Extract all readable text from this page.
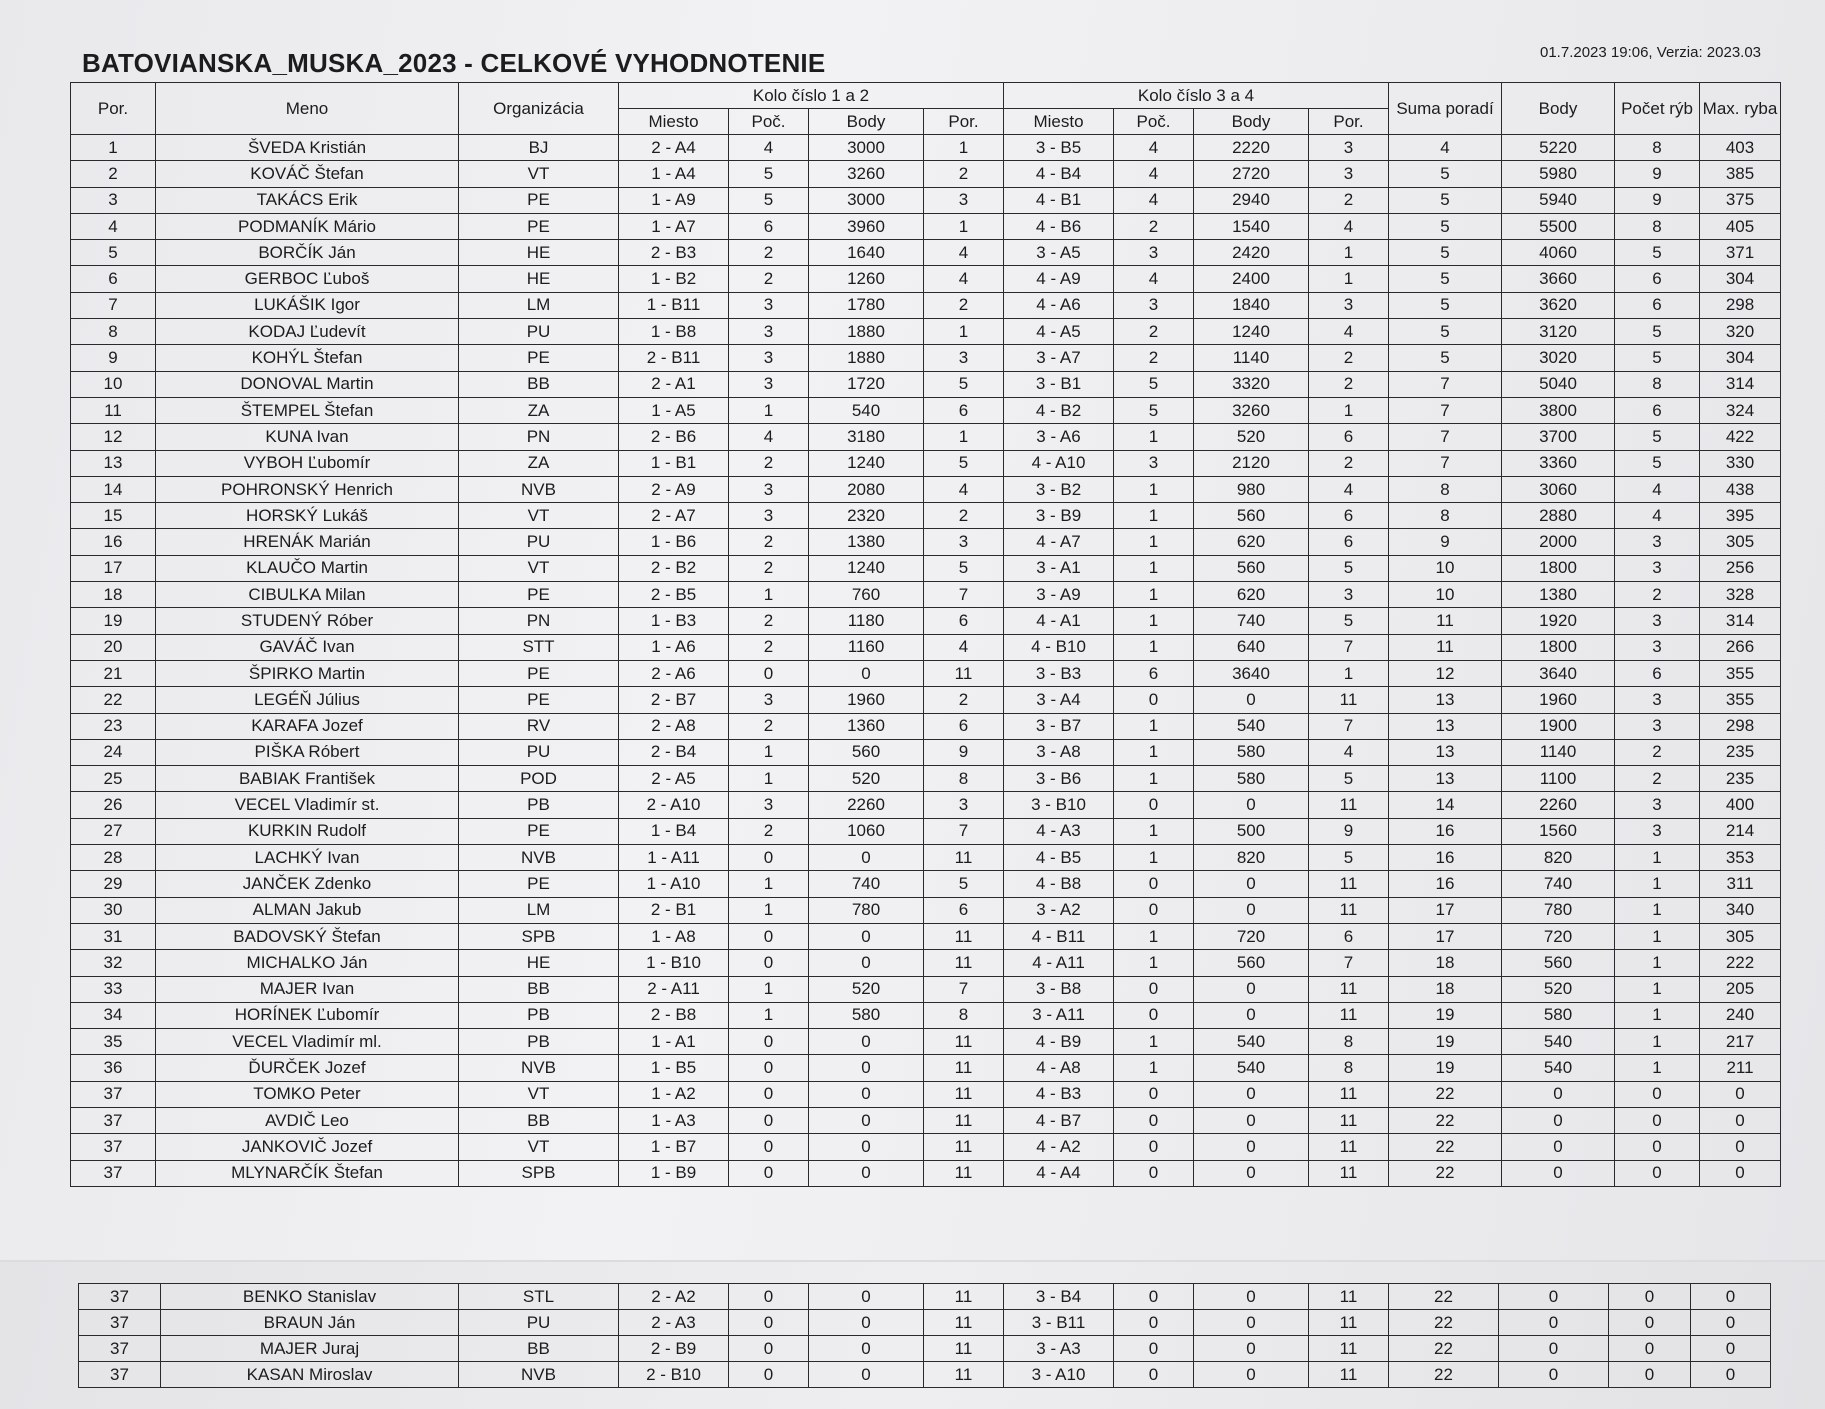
BATOVIANSKA_MUSKA_2023 - CELKOVÉ VYHODNOTENIE	01.7.2023 19:06, Verzia: 2023.03
Por.	Meno	Organizácia	Kolo číslo 1 a 2				Kolo číslo 3 a 4				Suma poradí	Body	Počet rýb	Max. ryba
			Miesto	Poč.	Body	Por.	Miesto	Poč.	Body	Por.				
1	ŠVEDA Kristián	BJ	2 - A4	4	3000	1	3 - B5	4	2220	3	4	5220	8	403
2	KOVÁČ Štefan	VT	1 - A4	5	3260	2	4 - B4	4	2720	3	5	5980	9	385
3	TAKÁCS Erik	PE	1 - A9	5	3000	3	4 - B1	4	2940	2	5	5940	9	375
4	PODMANÍK Mário	PE	1 - A7	6	3960	1	4 - B6	2	1540	4	5	5500	8	405
5	BORČÍK Ján	HE	2 - B3	2	1640	4	3 - A5	3	2420	1	5	4060	5	371
6	GERBOC Ľuboš	HE	1 - B2	2	1260	4	4 - A9	4	2400	1	5	3660	6	304
7	LUKÁŠIK Igor	LM	1 - B11	3	1780	2	4 - A6	3	1840	3	5	3620	6	298
8	KODAJ Ľudevít	PU	1 - B8	3	1880	1	4 - A5	2	1240	4	5	3120	5	320
9	KOHÝL Štefan	PE	2 - B11	3	1880	3	3 - A7	2	1140	2	5	3020	5	304
10	DONOVAL Martin	BB	2 - A1	3	1720	5	3 - B1	5	3320	2	7	5040	8	314
11	ŠTEMPEL Štefan	ZA	1 - A5	1	540	6	4 - B2	5	3260	1	7	3800	6	324
12	KUNA Ivan	PN	2 - B6	4	3180	1	3 - A6	1	520	6	7	3700	5	422
13	VYBOH Ľubomír	ZA	1 - B1	2	1240	5	4 - A10	3	2120	2	7	3360	5	330
14	POHRONSKÝ Henrich	NVB	2 - A9	3	2080	4	3 - B2	1	980	4	8	3060	4	438
15	HORSKÝ Lukáš	VT	2 - A7	3	2320	2	3 - B9	1	560	6	8	2880	4	395
16	HRENÁK Marián	PU	1 - B6	2	1380	3	4 - A7	1	620	6	9	2000	3	305
17	KLAUČO Martin	VT	2 - B2	2	1240	5	3 - A1	1	560	5	10	1800	3	256
18	CIBULKA Milan	PE	2 - B5	1	760	7	3 - A9	1	620	3	10	1380	2	328
19	STUDENÝ Róber	PN	1 - B3	2	1180	6	4 - A1	1	740	5	11	1920	3	314
20	GAVÁČ Ivan	STT	1 - A6	2	1160	4	4 - B10	1	640	7	11	1800	3	266
21	ŠPIRKO Martin	PE	2 - A6	0	0	11	3 - B3	6	3640	1	12	3640	6	355
22	LEGÉŇ Július	PE	2 - B7	3	1960	2	3 - A4	0	0	11	13	1960	3	355
23	KARAFA Jozef	RV	2 - A8	2	1360	6	3 - B7	1	540	7	13	1900	3	298
24	PIŠKA Róbert	PU	2 - B4	1	560	9	3 - A8	1	580	4	13	1140	2	235
25	BABIAK František	POD	2 - A5	1	520	8	3 - B6	1	580	5	13	1100	2	235
26	VECEL Vladimír st.	PB	2 - A10	3	2260	3	3 - B10	0	0	11	14	2260	3	400
27	KURKIN Rudolf	PE	1 - B4	2	1060	7	4 - A3	1	500	9	16	1560	3	214
28	LACHKÝ Ivan	NVB	1 - A11	0	0	11	4 - B5	1	820	5	16	820	1	353
29	JANČEK Zdenko	PE	1 - A10	1	740	5	4 - B8	0	0	11	16	740	1	311
30	ALMAN Jakub	LM	2 - B1	1	780	6	3 - A2	0	0	11	17	780	1	340
31	BADOVSKÝ Štefan	SPB	1 - A8	0	0	11	4 - B11	1	720	6	17	720	1	305
32	MICHALKO Ján	HE	1 - B10	0	0	11	4 - A11	1	560	7	18	560	1	222
33	MAJER Ivan	BB	2 - A11	1	520	7	3 - B8	0	0	11	18	520	1	205
34	HORÍNEK Ľubomír	PB	2 - B8	1	580	8	3 - A11	0	0	11	19	580	1	240
35	VECEL Vladimír ml.	PB	1 - A1	0	0	11	4 - B9	1	540	8	19	540	1	217
36	ĎURČEK Jozef	NVB	1 - B5	0	0	11	4 - A8	1	540	8	19	540	1	211
37	TOMKO Peter	VT	1 - A2	0	0	11	4 - B3	0	0	11	22	0	0	0
37	AVDIČ Leo	BB	1 - A3	0	0	11	4 - B7	0	0	11	22	0	0	0
37	JANKOVIČ Jozef	VT	1 - B7	0	0	11	4 - A2	0	0	11	22	0	0	0
37	MLYNARČÍK Štefan	SPB	1 - B9	0	0	11	4 - A4	0	0	11	22	0	0	0
37	BENKO Stanislav	STL	2 - A2	0	0	11	3 - B4	0	0	11	22	0	0	0
37	BRAUN Ján	PU	2 - A3	0	0	11	3 - B11	0	0	11	22	0	0	0
37	MAJER Juraj	BB	2 - B9	0	0	11	3 - A3	0	0	11	22	0	0	0
37	KASAN Miroslav	NVB	2 - B10	0	0	11	3 - A10	0	0	11	22	0	0	0
